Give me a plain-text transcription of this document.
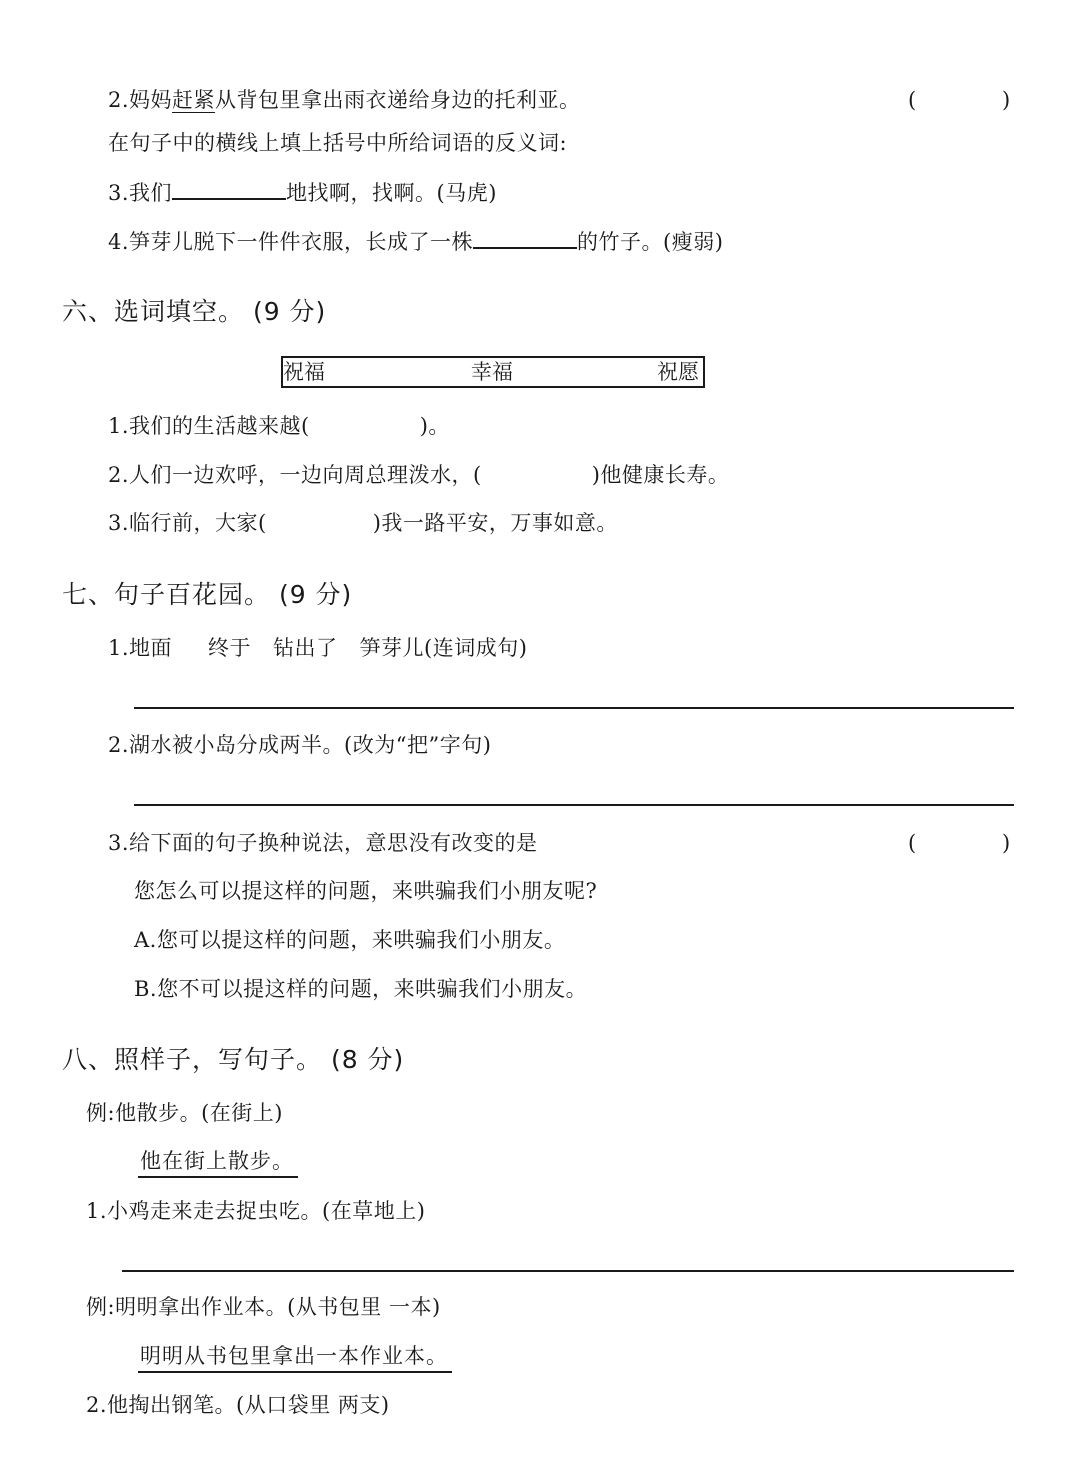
2.妈妈赶紧从背包里拿出雨衣递给身边的托利亚。	(	)
在句子中的横线上填上括号中所给词语的反义词:
3.我们	地找啊，找啊。(马虎)
4.笋芽儿脱下一件件衣服，长成了一株	的竹子。(瘦弱)
六、选词填空。 (9 分)
祝福	幸福	祝愿
1.我们的生活越来越(	)。
2.人们一边欢呼，一边向周总理泼水，(	)他健康长寿。
3.临行前，大家(	)我一路平安，万事如意。
七、句子百花园。 (9 分)
1.地面 终于 钻出了 笋芽儿(连词成句)
2.湖水被小岛分成两半。(改为“把”字句)
3.给下面的句子换种说法，意思没有改变的是	(	)
您怎么可以提这样的问题，来哄骗我们小朋友呢?
A.您可以提这样的问题，来哄骗我们小朋友。
B.您不可以提这样的问题，来哄骗我们小朋友。
八、照样子，写句子。 (8 分)
例:他散步。(在街上)
他在街上散步。
1.小鸡走来走去捉虫吃。(在草地上)
例:明明拿出作业本。(从书包里 一本)
明明从书包里拿出一本作业本。
2.他掏出钢笔。(从口袋里 两支)
